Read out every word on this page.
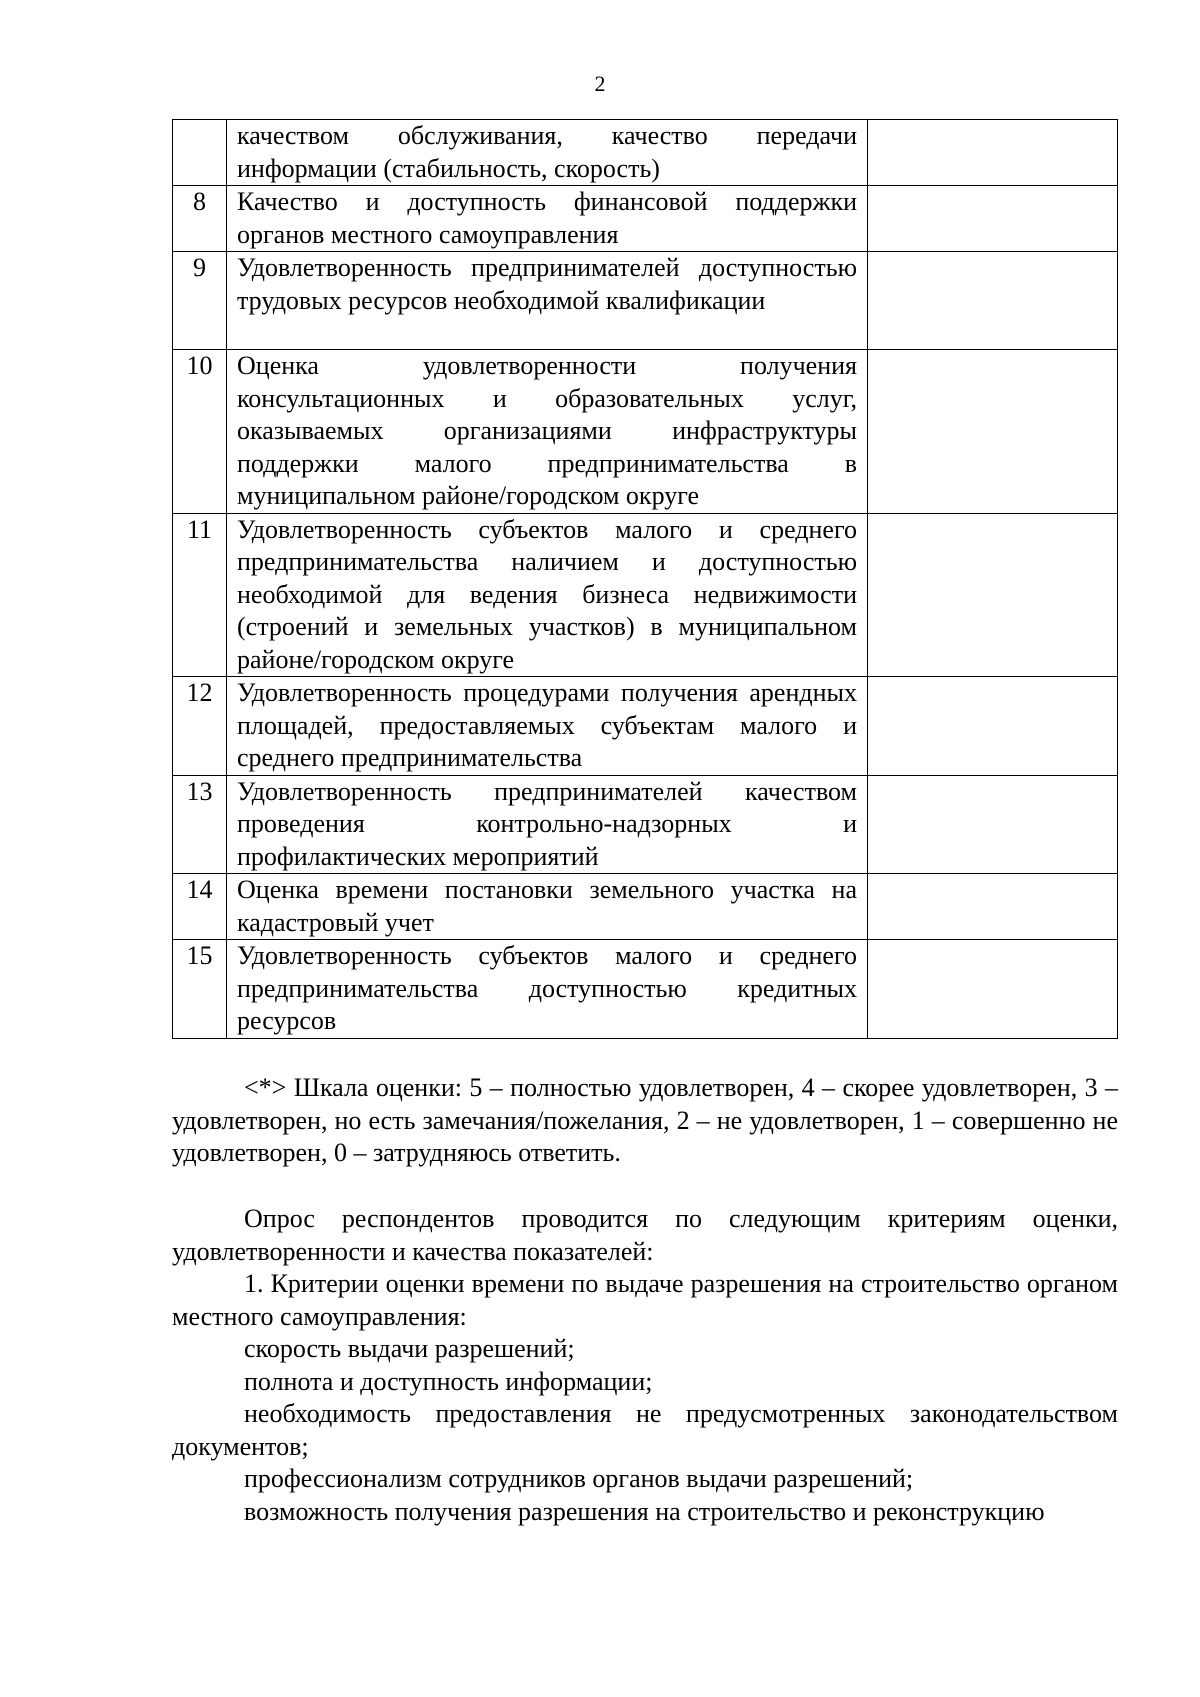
2
	качеством обслуживания, качество передачи информации (стабильность, скорость)	
8	Качество и доступность финансовой поддержки органов местного самоуправления	
9	Удовлетворенность предпринимателей доступностью трудовых ресурсов необходимой квалификации	
10	Оценка удовлетворенности получения консультационных и образовательных услуг, оказываемых организациями инфраструктуры поддержки малого предпринимательства в муниципальном районе/городском округе	
11	Удовлетворенность субъектов малого и среднего предпринимательства наличием и доступностью необходимой для ведения бизнеса недвижимости (строений и земельных участков) в муниципальном районе/городском округе	
12	Удовлетворенность процедурами получения арендных площадей, предоставляемых субъектам малого и среднего предпринимательства	
13	Удовлетворенность предпринимателей качеством проведения контрольно-надзорных и профилактических мероприятий	
14	Оценка времени постановки земельного участка на кадастровый учет	
15	Удовлетворенность субъектов малого и среднего предпринимательства доступностью кредитных ресурсов	

<*> Шкала оценки: 5 – полностью удовлетворен, 4 – скорее удовлетворен, 3 – удовлетворен, но есть замечания/пожелания, 2 – не удовлетворен, 1 – совершенно не удовлетворен, 0 – затрудняюсь ответить.

Опрос респондентов проводится по следующим критериям оценки, удовлетворенности и качества показателей:

1. Критерии оценки времени по выдаче разрешения на строительство органом местного самоуправления:

скорость выдачи разрешений;

полнота и доступность информации;

необходимость предоставления не предусмотренных законодательством документов;

профессионализм сотрудников органов выдачи разрешений;

возможность получения разрешения на строительство и реконструкцию
